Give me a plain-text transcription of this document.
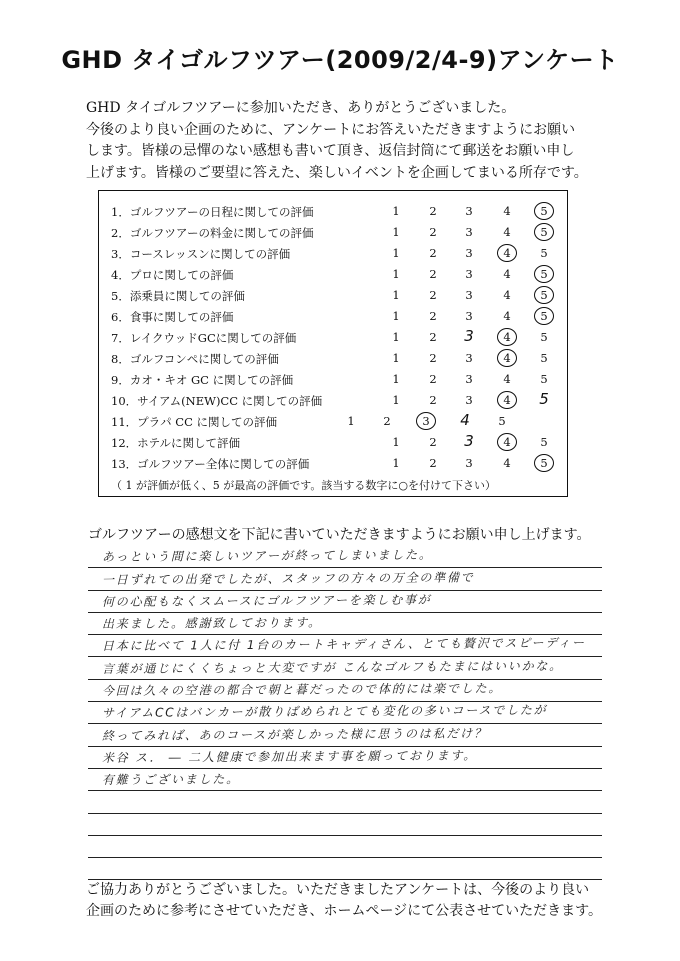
GHD タイゴルフツアー(2009/2/4-9)アンケート

GHD タイゴルフツアーに参加いただき、ありがとうございました。

今後のより良い企画のために、アンケートにお答えいただきますようにお願い

します。皆様の忌憚のない感想も書いて頂き、返信封筒にて郵送をお願い申し

上げます。皆様のご要望に答えた、楽しいイベントを企画してまいる所存です。

（ 1 が評価が低く、5 が最高の評価です。該当する数字に○を付けて下さい）
1．ゴルフツアーの日程に関しての評価	1	2	3	4	5
2．ゴルフツアーの料金に関しての評価	1	2	3	4	5
3．コースレッスンに関しての評価	1	2	3	4	5
4．プロに関しての評価	1	2	3	4	5
5．添乗員に関しての評価	1	2	3	4	5
6．食事に関しての評価	1	2	3	4	5
7．レイクウッドGCに関しての評価	1	2 3	4	5
8．ゴルフコンペに関しての評価	1	2	3	4	5
9．カオ・キオ GC に関しての評価	1	2	3	4	5
10．サイアム(NEW)CC に関しての評価	1	2	3	4 5
11．プラパ CC に関しての評価	1	2	3 4	5
12．ホテルに関して評価	1	2 3	4	5
13．ゴルフツアー全体に関しての評価	1	2	3	4	5
ゴルフツアーの感想文を下記に書いていただきますようにお願い申し上げます。
あっという間に楽しいツアーが終ってしまいました。
一日ずれての出発でしたが、スタッフの方々の万全の準備で
何の心配もなくスムースにゴルフツアーを楽しむ事が
出来ました。感謝致しております。
日本に比べて 1人に付 1台のカートキャディさん、とても贅沢でスピーディー
言葉が通じにくくちょっと大変ですが こんなゴルフもたまにはいいかな。
今回は久々の空港の都合で朝と暮だったので体的には楽でした。
サイアムCCはバンカーが散りばめられとても変化の多いコースでしたが
終ってみれば、あのコースが楽しかった様に思うのは私だけ？
米谷 ス． ― 二人健康で参加出来ます事を願っております。
有難うございました。

ご協力ありがとうございました。いただきましたアンケートは、今後のより良い

企画のために参考にさせていただき、ホームページにて公表させていただきます。
